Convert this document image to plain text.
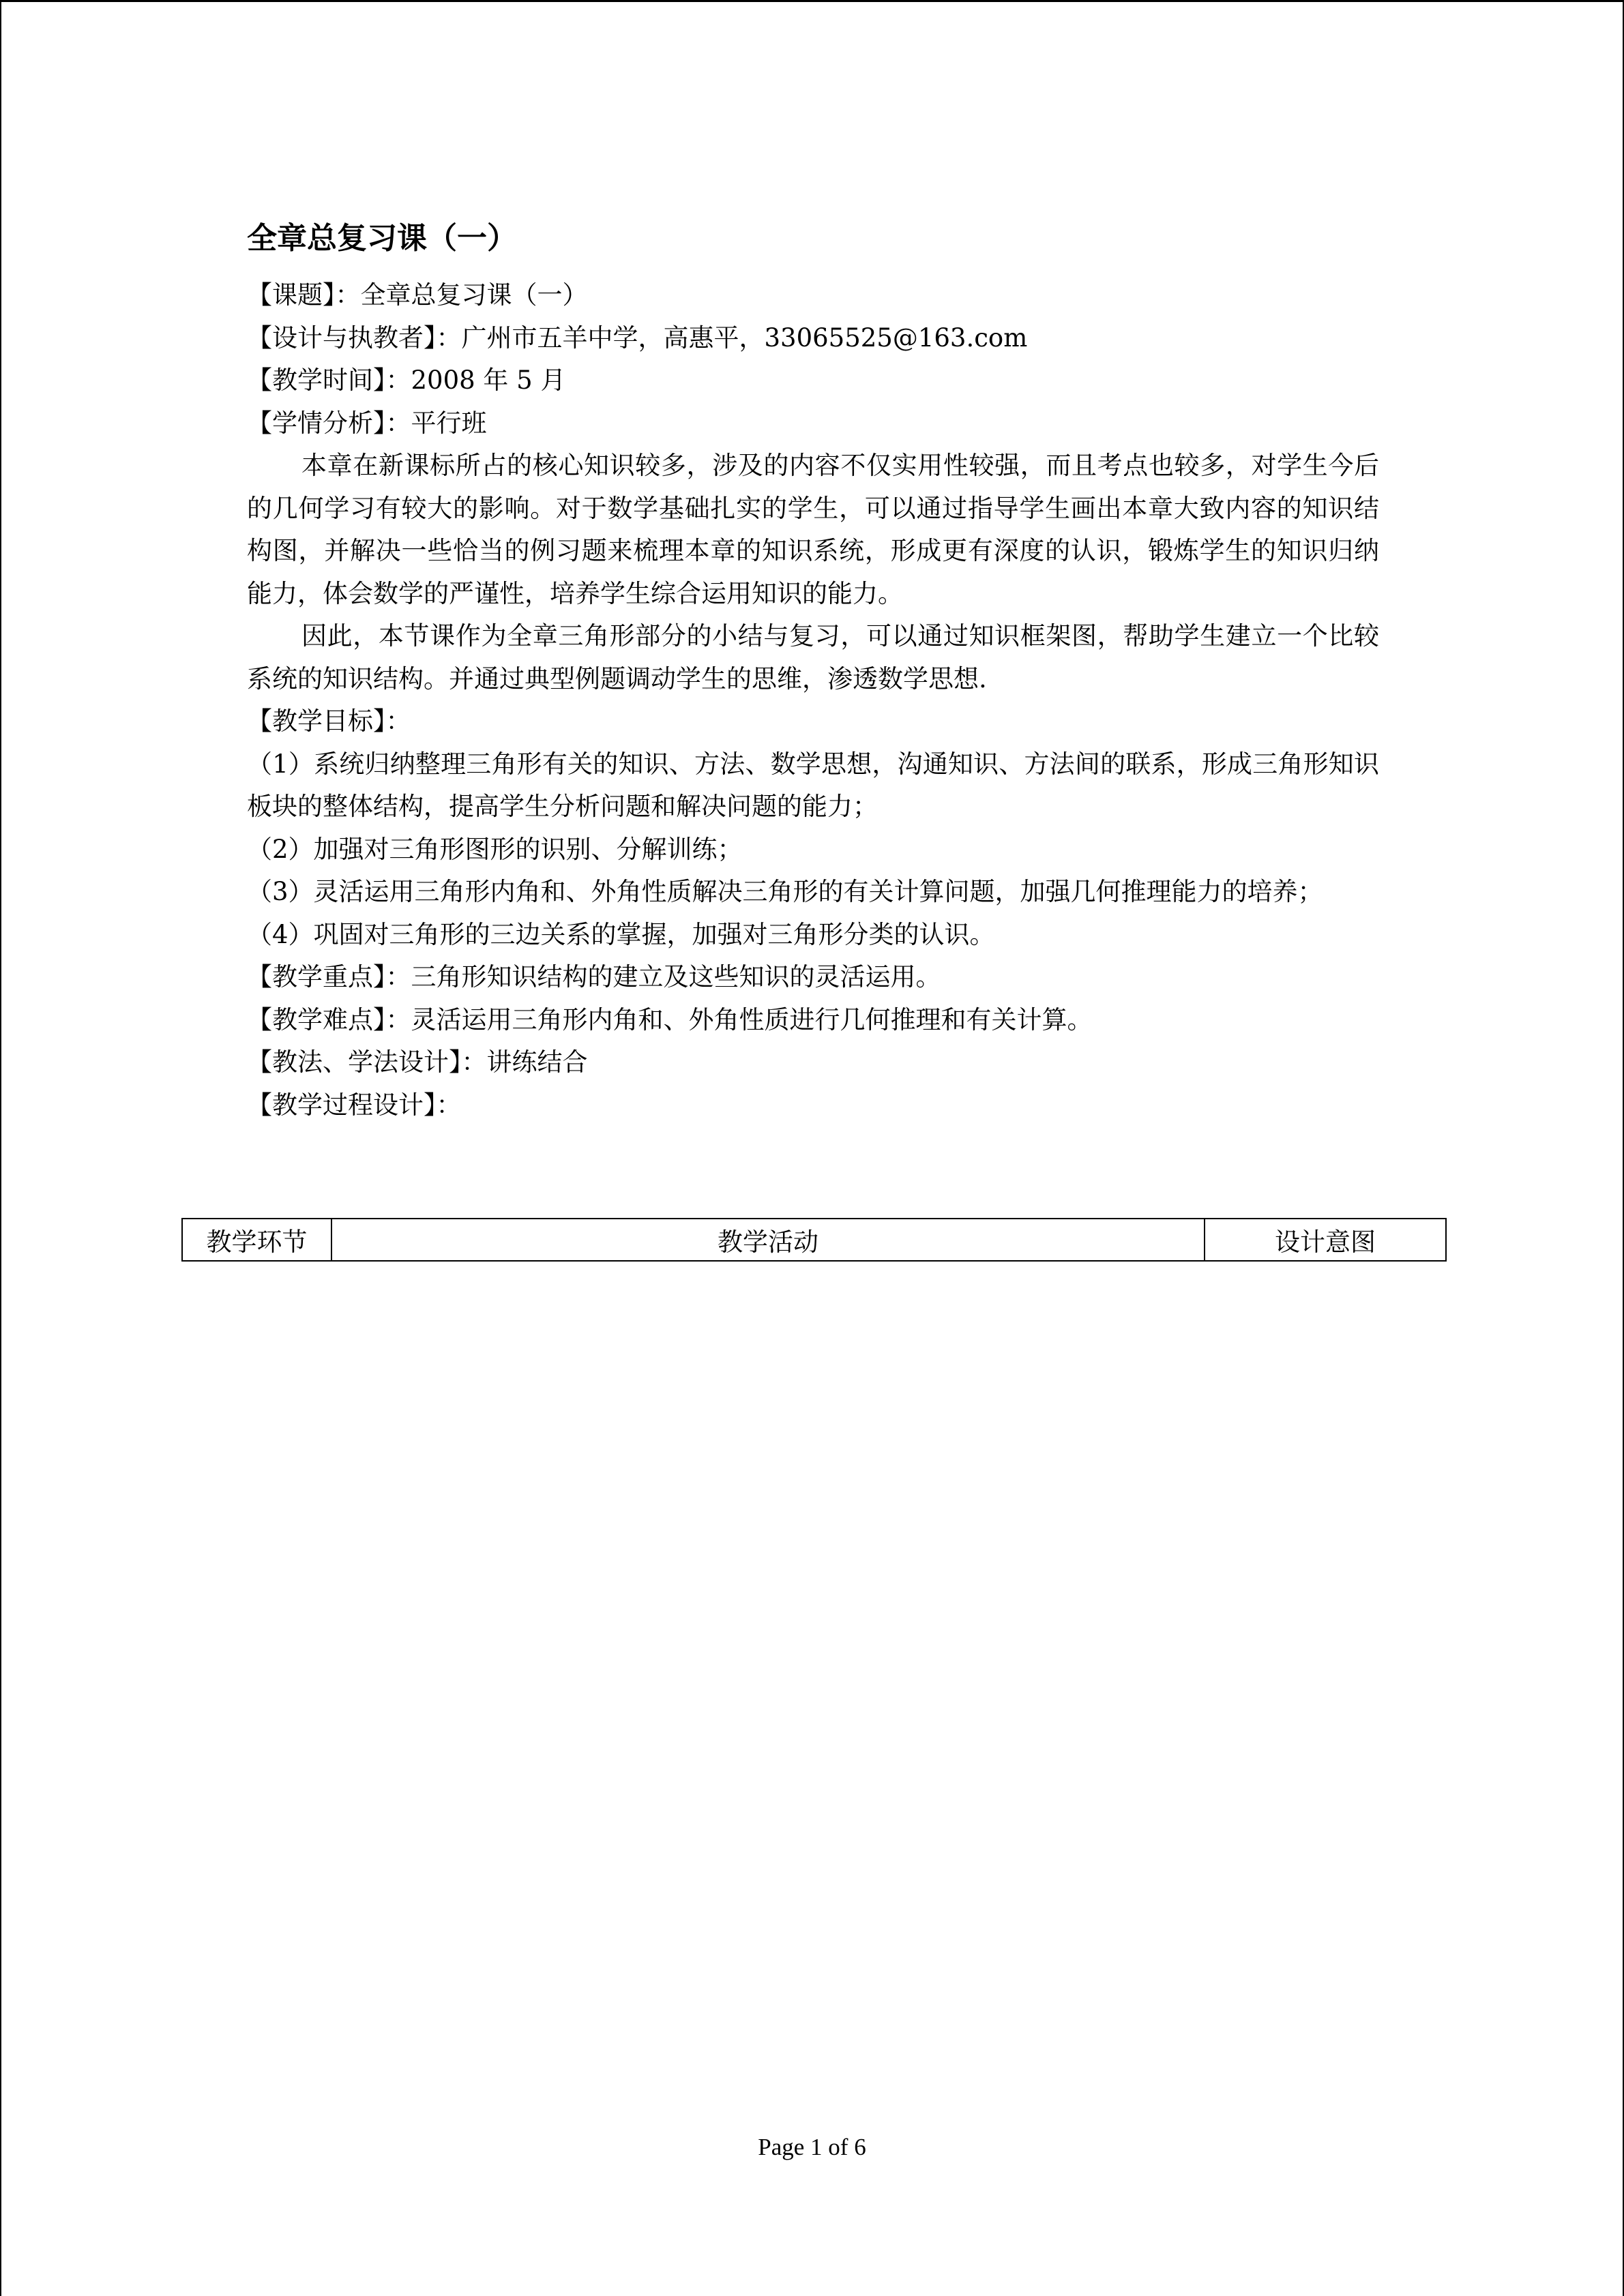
全章总复习课（一）
【课题】：全章总复习课（一）
【设计与执教者】：广州市五羊中学，高惠平，33065525@163.com
【教学时间】：2008 年 5 月
【学情分析】：平行班
本章在新课标所占的核心知识较多，涉及的内容不仅实用性较强，而且考点也较多，对学生今后的几何学习有较大的影响。对于数学基础扎实的学生，可以通过指导学生画出本章大致内容的知识结构图，并解决一些恰当的例习题来梳理本章的知识系统，形成更有深度的认识，锻炼学生的知识归纳能力，体会数学的严谨性，培养学生综合运用知识的能力。
因此，本节课作为全章三角形部分的小结与复习，可以通过知识框架图，帮助学生建立一个比较系统的知识结构。并通过典型例题调动学生的思维，渗透数学思想.
【教学目标】：
（1）系统归纳整理三角形有关的知识、方法、数学思想，沟通知识、方法间的联系，形成三角形知识板块的整体结构，提高学生分析问题和解决问题的能力；
（2）加强对三角形图形的识别、分解训练；
（3）灵活运用三角形内角和、外角性质解决三角形的有关计算问题，加强几何推理能力的培养；
（4）巩固对三角形的三边关系的掌握，加强对三角形分类的认识。
【教学重点】：三角形知识结构的建立及这些知识的灵活运用。
【教学难点】：灵活运用三角形内角和、外角性质进行几何推理和有关计算。
【教法、学法设计】：讲练结合
【教学过程设计】：
教学环节	教学活动	设计意图
Page 1 of 6
